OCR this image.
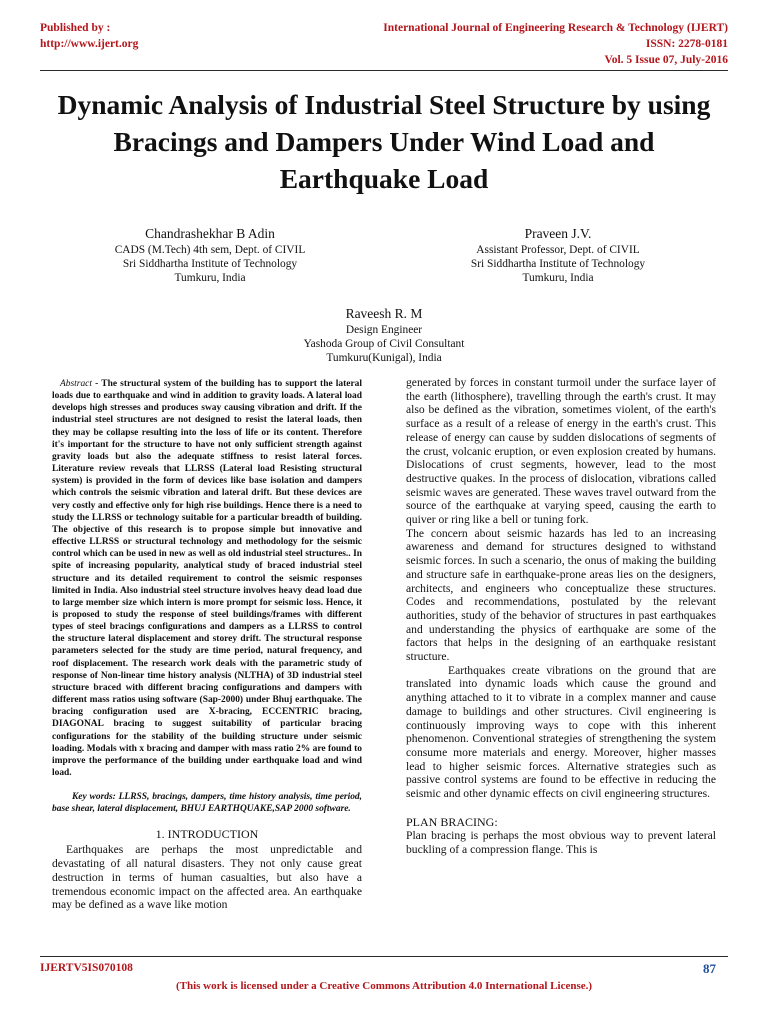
Published by :
http://www.ijert.org
International Journal of Engineering Research & Technology (IJERT)
ISSN: 2278-0181
Vol. 5 Issue 07, July-2016
Dynamic Analysis of Industrial Steel Structure by using Bracings and Dampers Under Wind Load and Earthquake Load
Chandrashekhar B Adin
CADS (M.Tech) 4th sem, Dept. of CIVIL
Sri Siddhartha Institute of Technology
Tumkuru, India
Praveen J.V.
Assistant Professor, Dept. of CIVIL
Sri Siddhartha Institute of Technology
Tumkuru, India
Raveesh R. M
Design Engineer
Yashoda Group of Civil Consultant
Tumkuru(Kunigal), India

Abstract - The structural system of the building has to support the lateral loads due to earthquake and wind in addition to gravity loads. A lateral load develops high stresses and produces sway causing vibration and drift. If the industrial steel structures are not designed to resist the lateral loads, then they may be collapse resulting into the loss of life or its content. Therefore it's important for the structure to have not only sufficient strength against gravity loads but also the adequate stiffness to resist lateral forces. Literature review reveals that LLRSS (Lateral load Resisting structural system) is provided in the form of devices like base isolation and dampers which controls the seismic vibration and lateral drift. But these devices are very costly and effective only for high rise buildings. Hence there is a need to study the LLRSS or technology suitable for a particular breadth of building. The objective of this research is to propose simple but innovative and effective LLRSS or structural technology and methodology for the seismic control which can be used in new as well as old industrial steel structures.. In spite of increasing popularity, analytical study of braced industrial steel structure and its detailed requirement to control the seismic responses limited in India. Also industrial steel structure involves heavy dead load due to large member size which intern is more prompt for seismic loss. Hence, it is proposed to study the response of steel buildings/frames with different types of steel bracings configurations and dampers as a LLRSS to control the structure lateral displacement and storey drift. The structural response parameters selected for the study are time period, natural frequency, and roof displacement. The research work deals with the parametric study of response of Non-linear time history analysis (NLTHA) of 3D industrial steel structure braced with different bracing configurations and dampers with different mass ratios using software (Sap-2000) under Bhuj earthquake. The bracing configuration used are X-bracing, ECCENTRIC bracing, DIAGONAL bracing to suggest suitability of particular bracing configurations for the stability of the building structure under seismic loading. Modals with x bracing and damper with mass ratio 2% are found to improve the performance of the building under earthquake load and wind load.

Key words: LLRSS, bracings, dampers, time history analysis, time period, base shear, lateral displacement, BHUJ EARTHQUAKE,SAP 2000 software.

1. INTRODUCTION

Earthquakes are perhaps the most unpredictable and devastating of all natural disasters. They not only cause great destruction in terms of human casualties, but also have a tremendous economic impact on the affected area. An earthquake may be defined as a wave like motion

generated by forces in constant turmoil under the surface layer of the earth (lithosphere), travelling through the earth's crust. It may also be defined as the vibration, sometimes violent, of the earth's surface as a result of a release of energy in the earth's crust. This release of energy can cause by sudden dislocations of segments of the crust, volcanic eruption, or even explosion created by humans. Dislocations of crust segments, however, lead to the most destructive quakes. In the process of dislocation, vibrations called seismic waves are generated. These waves travel outward from the source of the earthquake at varying speed, causing the earth to quiver or ring like a bell or tuning fork.

The concern about seismic hazards has led to an increasing awareness and demand for structures designed to withstand seismic forces. In such a scenario, the onus of making the building and structure safe in earthquake-prone areas lies on the designers, architects, and engineers who conceptualize these structures. Codes and recommendations, postulated by the relevant authorities, study of the behavior of structures in past earthquakes and understanding the physics of earthquake are some of the factors that helps in the designing of an earthquake resistant structure.

Earthquakes create vibrations on the ground that are translated into dynamic loads which cause the ground and anything attached to it to vibrate in a complex manner and cause damage to buildings and other structures. Civil engineering is continuously improving ways to cope with this inherent phenomenon. Conventional strategies of strengthening the system consume more materials and energy. Moreover, higher masses lead to higher seismic forces. Alternative strategies such as passive control systems are found to be effective in reducing the seismic and other dynamic effects on civil engineering structures.

PLAN BRACING:

Plan bracing is perhaps the most obvious way to prevent lateral buckling of a compression flange. This is

IJERTV5IS070108	87
(This work is licensed under a Creative Commons Attribution 4.0 International License.)
